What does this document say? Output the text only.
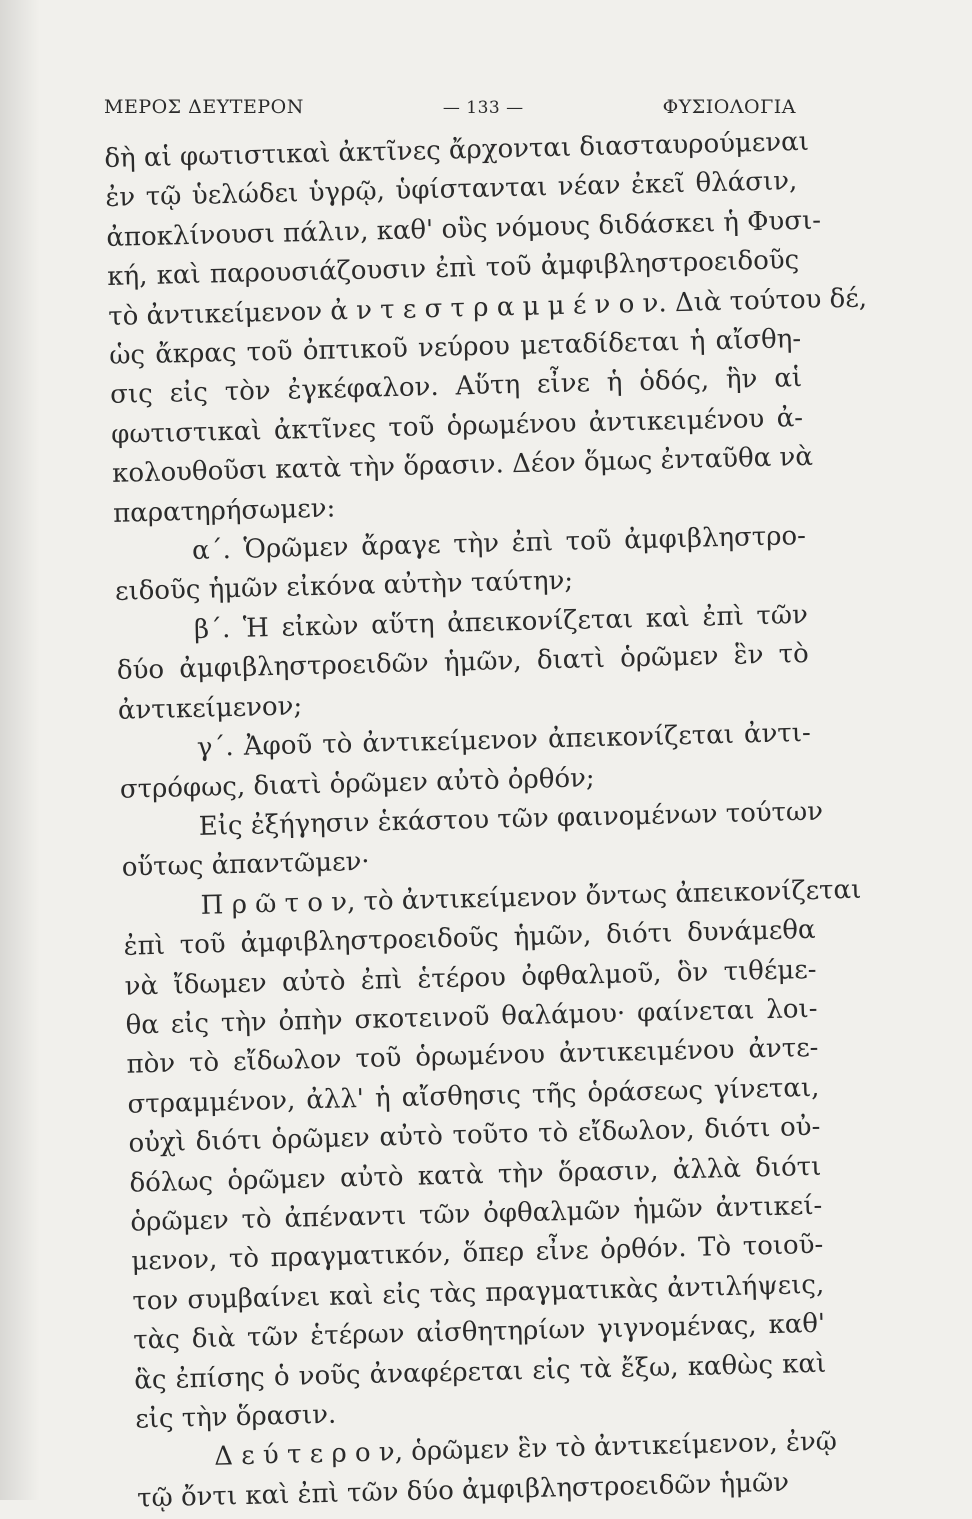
ΜΕΡΟΣ ΔΕΥΤΕΡΟΝ	— 133 —	ΦΥΣΙΟΛΟΓΙΑ
δὴ αἱ φωτιστικαὶ ἀκτῖνες ἄρχονται διασταυρούμεναι
ἐν τῷ ὑελώδει ὑγρῷ, ὑφίστανται νέαν ἐκεῖ θλάσιν,
ἀποκλίνουσι πάλιν, καθ' οὓς νόμους διδάσκει ἡ Φυσι-
κή, καὶ παρουσιάζουσιν ἐπὶ τοῦ ἀμφιβληστροειδοῦς
τὸ ἀντικείμενον ἀ ν τ ε σ τ ρ α μ μ έ ν ο ν. Διὰ τούτου δέ,
ὡς ἄκρας τοῦ ὀπτικοῦ νεύρου μεταδίδεται ἡ αἴσθη-
σις εἰς τὸν ἐγκέφαλον. Αὕτη εἶνε ἡ ὁδός, ἣν αἱ
φωτιστικαὶ ἀκτῖνες τοῦ ὁρωμένου ἀντικειμένου ἀ-
κολουθοῦσι κατὰ τὴν ὅρασιν. Δέον ὅμως ἐνταῦθα νὰ
παρατηρήσωμεν:
α΄. Ὁρῶμεν ἄραγε τὴν ἐπὶ τοῦ ἀμφιβληστρο-
ειδοῦς ἡμῶν εἰκόνα αὐτὴν ταύτην;
β΄. Ἡ εἰκὼν αὕτη ἀπεικονίζεται καὶ ἐπὶ τῶν
δύο ἀμφιβληστροειδῶν ἡμῶν, διατὶ ὁρῶμεν ἓν τὸ
ἀντικείμενον;
γ΄. Ἀφοῦ τὸ ἀντικείμενον ἀπεικονίζεται ἀντι-
στρόφως, διατὶ ὁρῶμεν αὐτὸ ὀρθόν;
Εἰς ἐξήγησιν ἑκάστου τῶν φαινομένων τούτων
οὕτως ἀπαντῶμεν·
Π ρ ῶ τ ο ν, τὸ ἀντικείμενον ὄντως ἀπεικονίζεται
ἐπὶ τοῦ ἀμφιβληστροειδοῦς ἡμῶν, διότι δυνάμεθα
νὰ ἴδωμεν αὐτὸ ἐπὶ ἑτέρου ὀφθαλμοῦ, ὃν τιθέμε-
θα εἰς τὴν ὀπὴν σκοτεινοῦ θαλάμου· φαίνεται λοι-
πὸν τὸ εἴδωλον τοῦ ὁρωμένου ἀντικειμένου ἀντε-
στραμμένον, ἀλλ' ἡ αἴσθησις τῆς ὁράσεως γίνεται,
οὐχὶ διότι ὁρῶμεν αὐτὸ τοῦτο τὸ εἴδωλον, διότι οὐ-
δόλως ὁρῶμεν αὐτὸ κατὰ τὴν ὅρασιν, ἀλλὰ διότι
ὁρῶμεν τὸ ἀπέναντι τῶν ὀφθαλμῶν ἡμῶν ἀντικεί-
μενον, τὸ πραγματικόν, ὅπερ εἶνε ὀρθόν. Τὸ τοιοῦ-
τον συμβαίνει καὶ εἰς τὰς πραγματικὰς ἀντιλήψεις,
τὰς διὰ τῶν ἑτέρων αἰσθητηρίων γιγνομένας, καθ'
ἃς ἐπίσης ὁ νοῦς ἀναφέρεται εἰς τὰ ἔξω, καθὼς καὶ
εἰς τὴν ὅρασιν.
Δ ε ύ τ ε ρ ο ν, ὁρῶμεν ἓν τὸ ἀντικείμενον, ἐνῷ
τῷ ὄντι καὶ ἐπὶ τῶν δύο ἀμφιβληστροειδῶν ἡμῶν
